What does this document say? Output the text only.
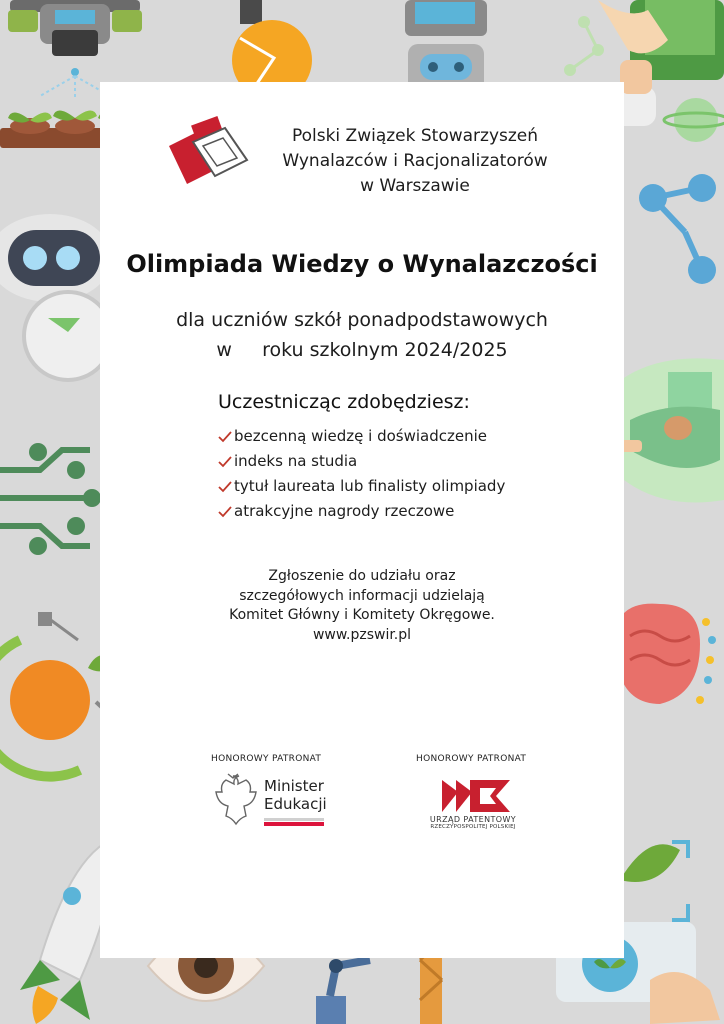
Polski Związek Stowarzyszeń
Wynalazców i Racjonalizatorów
w Warszawie
Olimpiada Wiedzy o Wynalazczości
dla uczniów szkół ponadpodstawowych
w     roku szkolnym 2024/2025
Uczestnicząc zdobędziesz:
bezcenną wiedzę i doświadczenie
indeks na studia
tytuł laureata lub finalisty olimpiady
atrakcyjne nagrody rzeczowe
Zgłoszenie do udziału oraz
szczegółowych informacji udzielają
Komitet Główny i Komitety Okręgowe.
www.pzswir.pl
HONOROWY PATRONAT
Minister
Edukacji
HONOROWY PATRONAT
URZĄD PATENTOWY
RZECZYPOSPOLITEJ POLSKIEJ
